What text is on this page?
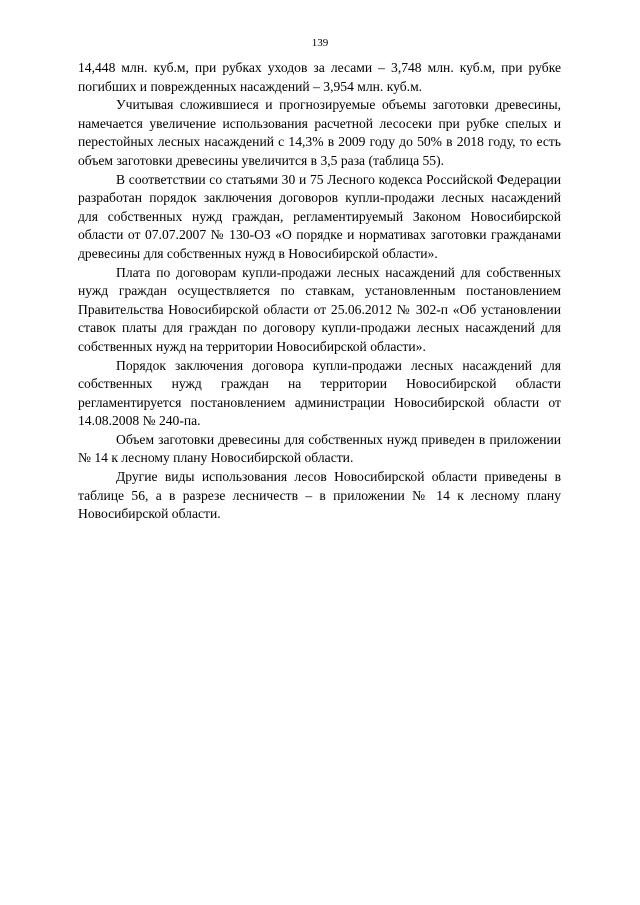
139

14,448 млн. куб.м, при рубках уходов за лесами – 3,748 млн. куб.м, при рубке погибших и поврежденных насаждений – 3,954 млн. куб.м.

Учитывая сложившиеся и прогнозируемые объемы заготовки древесины, намечается увеличение использования расчетной лесосеки при рубке спелых и перестойных лесных насаждений с 14,3% в 2009 году до 50% в 2018 году, то есть объем заготовки древесины увеличится в 3,5 раза (таблица 55).

В соответствии со статьями 30 и 75 Лесного кодекса Российской Федерации разработан порядок заключения договоров купли-продажи лесных насаждений для собственных нужд граждан, регламентируемый Законом Новосибирской области от 07.07.2007 № 130-ОЗ «О порядке и нормативах заготовки гражданами древесины для собственных нужд в Новосибирской области».

Плата по договорам купли-продажи лесных насаждений для собственных нужд граждан осуществляется по ставкам, установленным постановлением Правительства Новосибирской области от 25.06.2012 № 302-п «Об установлении ставок платы для граждан по договору купли-продажи лесных насаждений для собственных нужд на территории Новосибирской области».

Порядок заключения договора купли-продажи лесных насаждений для собственных нужд граждан на территории Новосибирской области регламентируется постановлением администрации Новосибирской области от 14.08.2008 № 240-па.

Объем заготовки древесины для собственных нужд приведен в приложении № 14 к лесному плану Новосибирской области.

Другие виды использования лесов Новосибирской области приведены в таблице 56, а в разрезе лесничеств – в приложении № 14 к лесному плану Новосибирской области.
